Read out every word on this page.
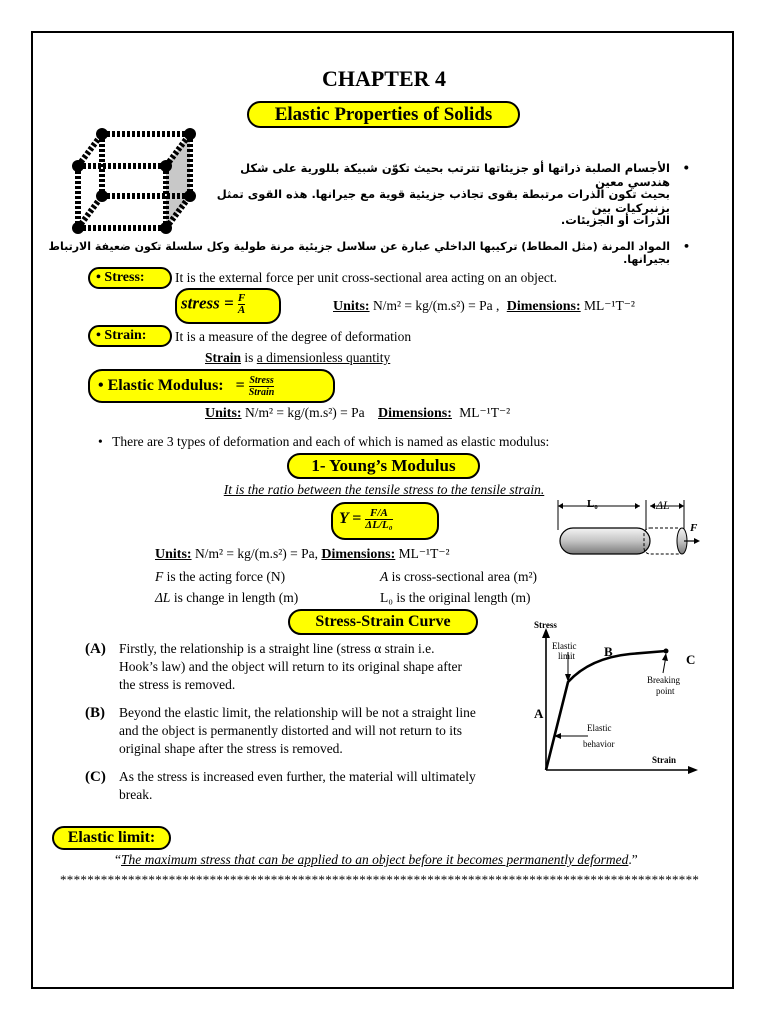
CHAPTER 4
Elastic Properties of Solids
•
الأجسام الصلبة ذراتها أو جزيئاتها تترتب بحيث تكوّن شبيكة بللورية على شكل هندسي معين
بحيث تكون الذرات مرتبطة بقوى تجاذب جزيئية قوية مع جيرانها. هذه القوى تمثل بزنبركيات بين
الذرات أو الجزيئات.
•
المواد المرنة (مثل المطاط) تركيبها الداخلي عبارة عن سلاسل جزيئية مرنة طولية وكل سلسلة تكون ضعيفة الارتباط بجيرانها.
• Stress:	It is the external force per unit cross-sectional area acting on an object.
stress = $\frac{F}{A}$	Units: N/m² = kg/(m.s²) = Pa , Dimensions: ML⁻¹T⁻²
• Strain:	It is a measure of the degree of deformation
Strain is a dimensionless quantity
• Elastic Modulus: = $\frac{\text{Stress}}{\text{Strain}}$
Units: N/m² = kg/(m.s²) = Pa Dimensions: ML⁻¹T⁻²
• There are 3 types of deformation and each of which is named as elastic modulus:
1- Young’s Modulus
It is the ratio between the tensile stress to the tensile strain.
$Y = \frac{F/A}{\text{ΔL/L₀}}$
L₀	ΔL
F
Units: N/m² = kg/(m.s²) = Pa, Dimensions: ML⁻¹T⁻²
F is the acting force (N)	A is cross-sectional area (m²)
ΔL is change in length (m)	L₀ is the original length (m)
Stress-Strain Curve
(A) Firstly, the relationship is a straight line (stress α strain i.e.
Hook’s law) and the object will return to its original shape after
the stress is removed.
(B) Beyond the elastic limit, the relationship will be not a straight line
and the object is permanently distorted and will not return to its
original shape after the stress is removed.
(C) As the stress is increased even further, the material will ultimately
break.
Stress
Strain
Elastic
limit
A
B
C
Breaking
point
Elastic
behavior
Elastic limit:
“The maximum stress that can be applied to an object before it becomes permanently deformed.”
**********************************************************************************************
